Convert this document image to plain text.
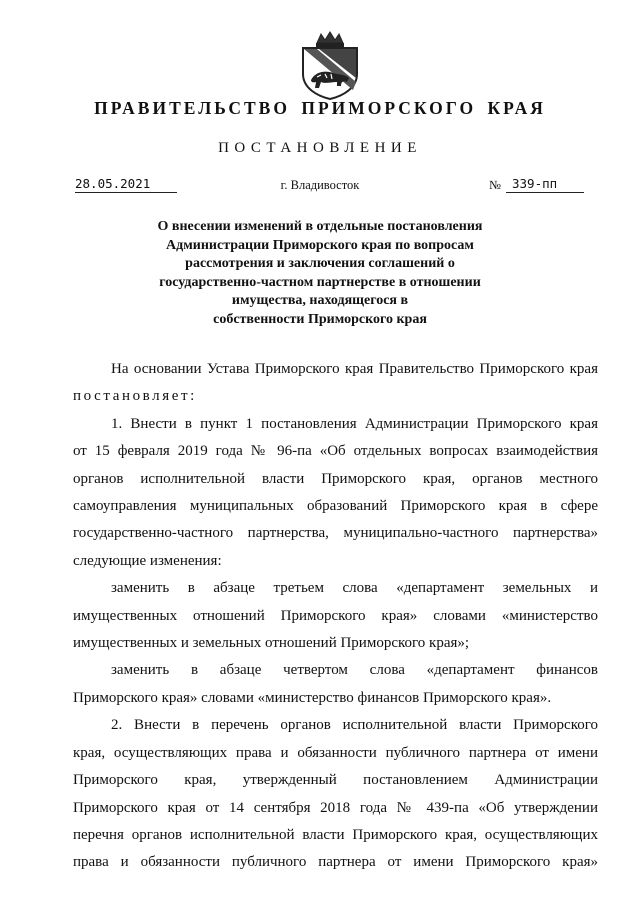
ПРАВИТЕЛЬСТВО ПРИМОРСКОГО КРАЯ
ПОСТАНОВЛЕНИЕ
28.05.2021	г. Владивосток	№ 339-пп
О внесении изменений в отдельные постановления
Администрации Приморского края по вопросам
рассмотрения и заключения соглашений о
государственно-частном партнерстве в отношении
имущества, находящегося в
собственности Приморского края
На основании Устава Приморского края Правительство Приморского края
постановляет:
1. Внести в пункт 1 постановления Администрации Приморского края
от 15 февраля 2019 года № 96-па «Об отдельных вопросах взаимодействия
органов исполнительной власти Приморского края, органов местного
самоуправления муниципальных образований Приморского края в сфере
государственно-частного партнерства, муниципально-частного партнерства»
следующие изменения:
заменить в абзаце третьем слова «департамент земельных и
имущественных отношений Приморского края» словами «министерство
имущественных и земельных отношений Приморского края»;
заменить в абзаце четвертом слова «департамент финансов
Приморского края» словами «министерство финансов Приморского края».
2. Внести в перечень органов исполнительной власти Приморского
края, осуществляющих права и обязанности публичного партнера от имени
Приморского края, утвержденный постановлением Администрации
Приморского края от 14 сентября 2018 года № 439-па «Об утверждении
перечня органов исполнительной власти Приморского края, осуществляющих
права и обязанности публичного партнера от имени Приморского края»
